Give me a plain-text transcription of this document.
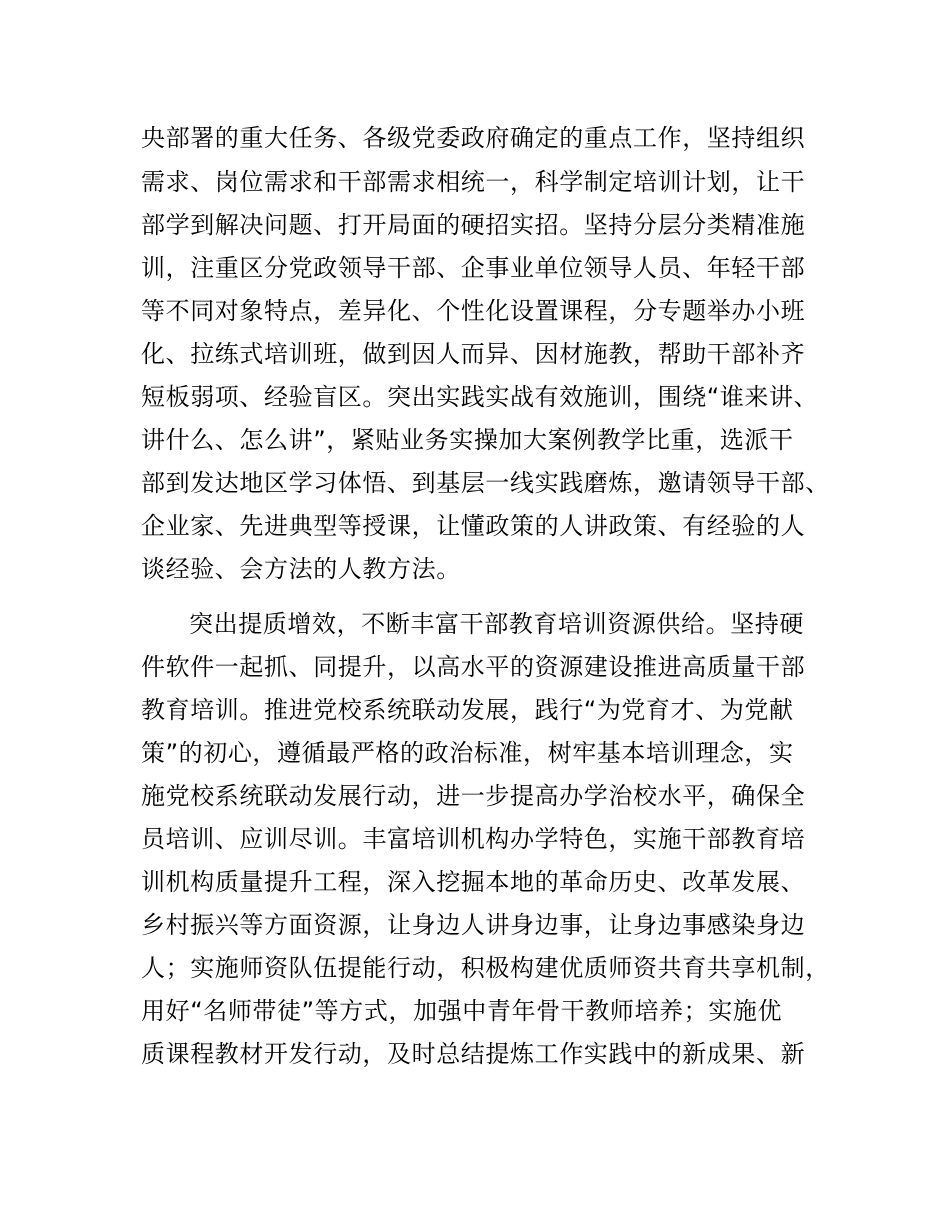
央部署的重大任务、各级党委政府确定的重点工作，坚持组织

需求、岗位需求和干部需求相统一，科学制定培训计划，让干

部学到解决问题、打开局面的硬招实招。坚持分层分类精准施

训，注重区分党政领导干部、企事业单位领导人员、年轻干部

等不同对象特点，差异化、个性化设置课程，分专题举办小班

化、拉练式培训班，做到因人而异、因材施教，帮助干部补齐

短板弱项、经验盲区。突出实践实战有效施训，围绕“谁来讲、

讲什么、怎么讲”，紧贴业务实操加大案例教学比重，选派干

部到发达地区学习体悟、到基层一线实践磨炼，邀请领导干部、

企业家、先进典型等授课，让懂政策的人讲政策、有经验的人

谈经验、会方法的人教方法。

突出提质增效，不断丰富干部教育培训资源供给。坚持硬

件软件一起抓、同提升，以高水平的资源建设推进高质量干部

教育培训。推进党校系统联动发展，践行“为党育才、为党献

策”的初心，遵循最严格的政治标准，树牢基本培训理念，实

施党校系统联动发展行动，进一步提高办学治校水平，确保全

员培训、应训尽训。丰富培训机构办学特色，实施干部教育培

训机构质量提升工程，深入挖掘本地的革命历史、改革发展、

乡村振兴等方面资源，让身边人讲身边事，让身边事感染身边

人；实施师资队伍提能行动，积极构建优质师资共育共享机制，

用好“名师带徒”等方式，加强中青年骨干教师培养；实施优

质课程教材开发行动，及时总结提炼工作实践中的新成果、新
